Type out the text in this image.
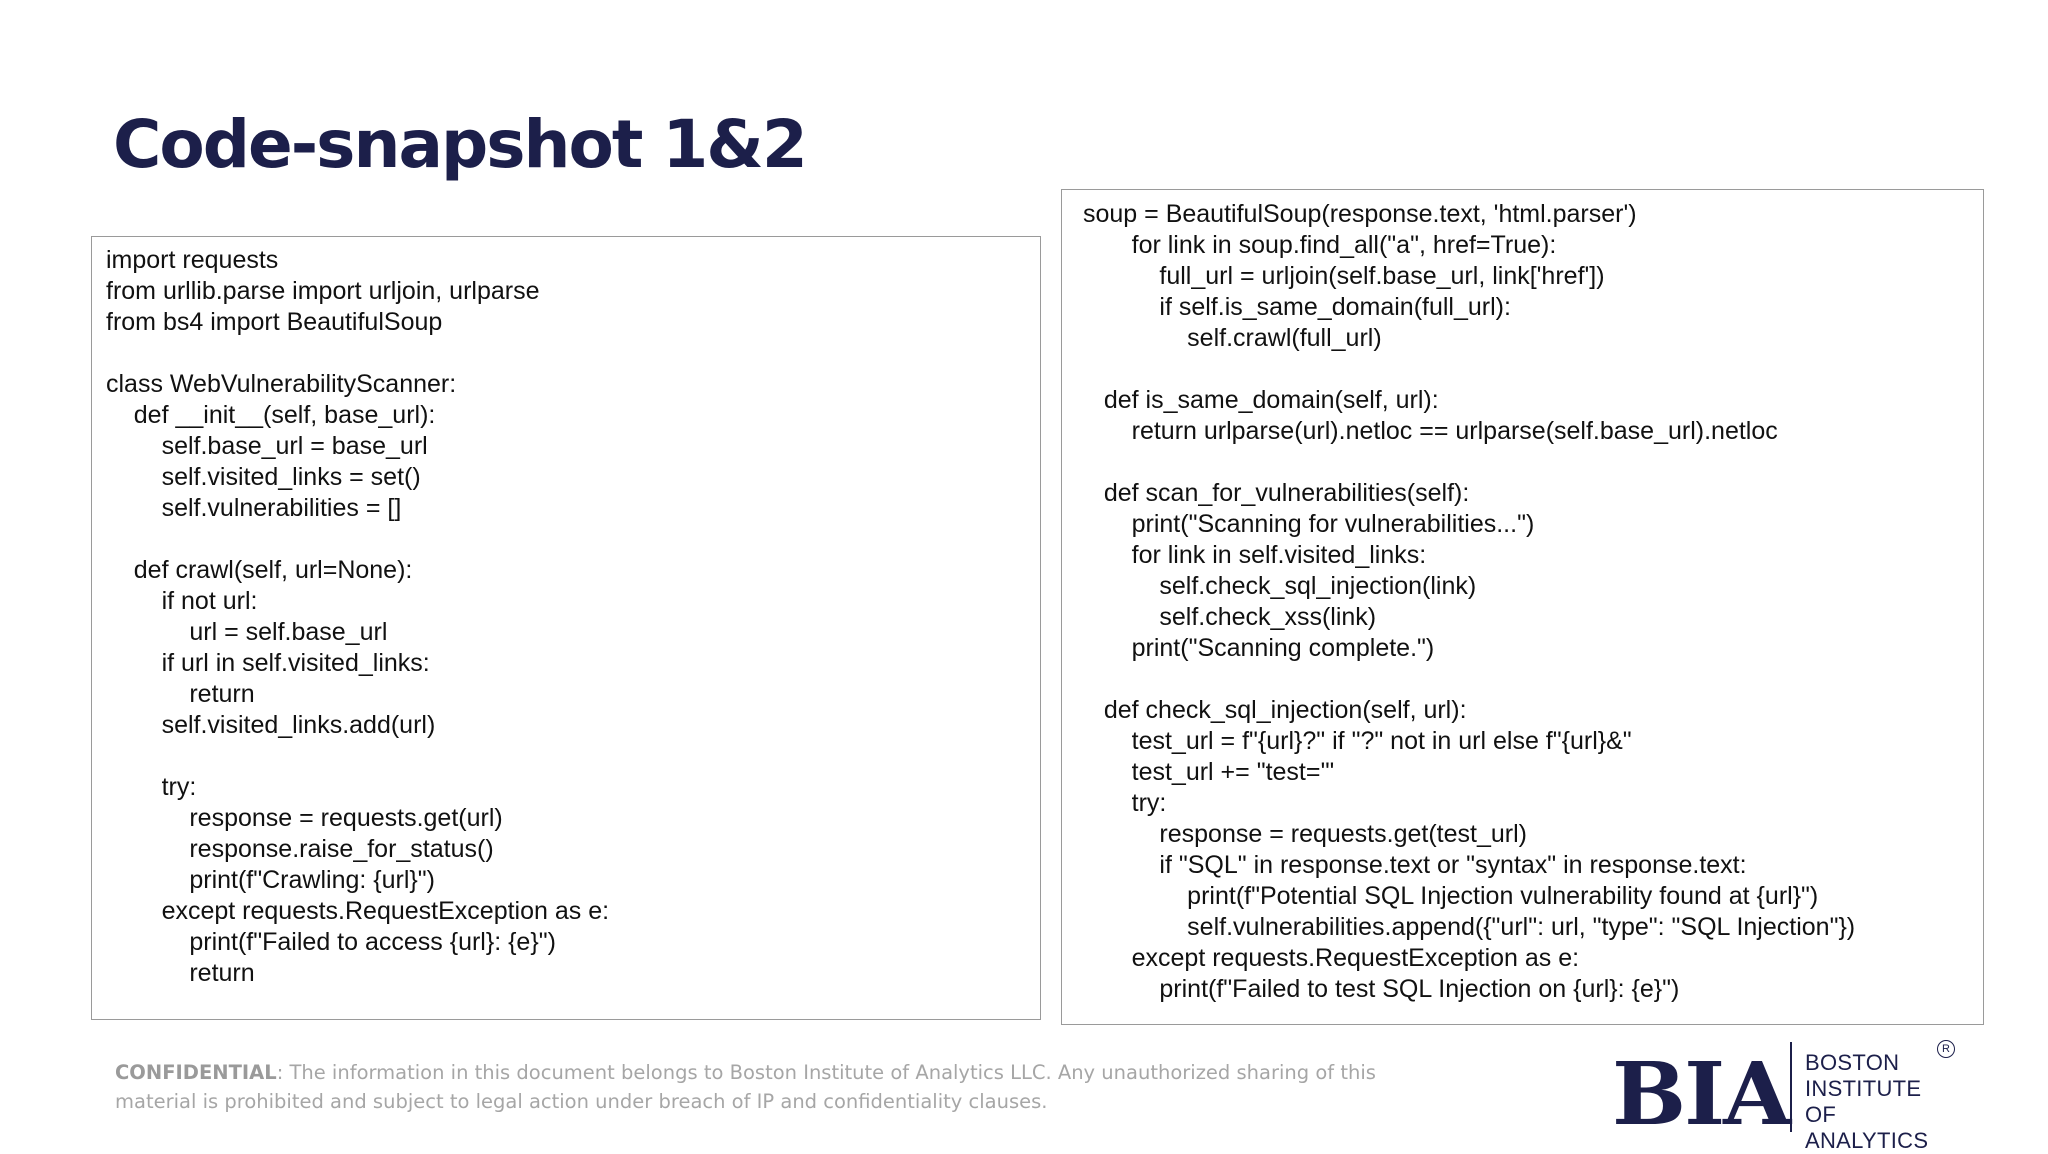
Code-snapshot 1&2
import requests
from urllib.parse import urljoin, urlparse
from bs4 import BeautifulSoup
class WebVulnerabilityScanner:
def __init__(self, base_url):
self.base_url = base_url
self.visited_links = set()
self.vulnerabilities = []
def crawl(self, url=None):
if not url:
url = self.base_url
if url in self.visited_links:
return
self.visited_links.add(url)
try:
response = requests.get(url)
response.raise_for_status()
print(f"Crawling: {url}")
except requests.RequestException as e:
print(f"Failed to access {url}: {e}")
return
soup = BeautifulSoup(response.text, 'html.parser')
for link in soup.find_all("a", href=True):
full_url = urljoin(self.base_url, link['href'])
if self.is_same_domain(full_url):
self.crawl(full_url)
def is_same_domain(self, url):
return urlparse(url).netloc == urlparse(self.base_url).netloc
def scan_for_vulnerabilities(self):
print("Scanning for vulnerabilities...")
for link in self.visited_links:
self.check_sql_injection(link)
self.check_xss(link)
print("Scanning complete.")
def check_sql_injection(self, url):
test_url = f"{url}?" if "?" not in url else f"{url}&"
test_url += "test='"
try:
response = requests.get(test_url)
if "SQL" in response.text or "syntax" in response.text:
print(f"Potential SQL Injection vulnerability found at {url}")
self.vulnerabilities.append({"url": url, "type": "SQL Injection"})
except requests.RequestException as e:
print(f"Failed to test SQL Injection on {url}: {e}")
CONFIDENTIAL: The information in this document belongs to Boston Institute of Analytics LLC. Any unauthorized sharing of this material is prohibited and subject to legal action under breach of IP and confidentiality clauses.	BIA BOSTON
INSTITUTE OF
ANALYTICS
R
